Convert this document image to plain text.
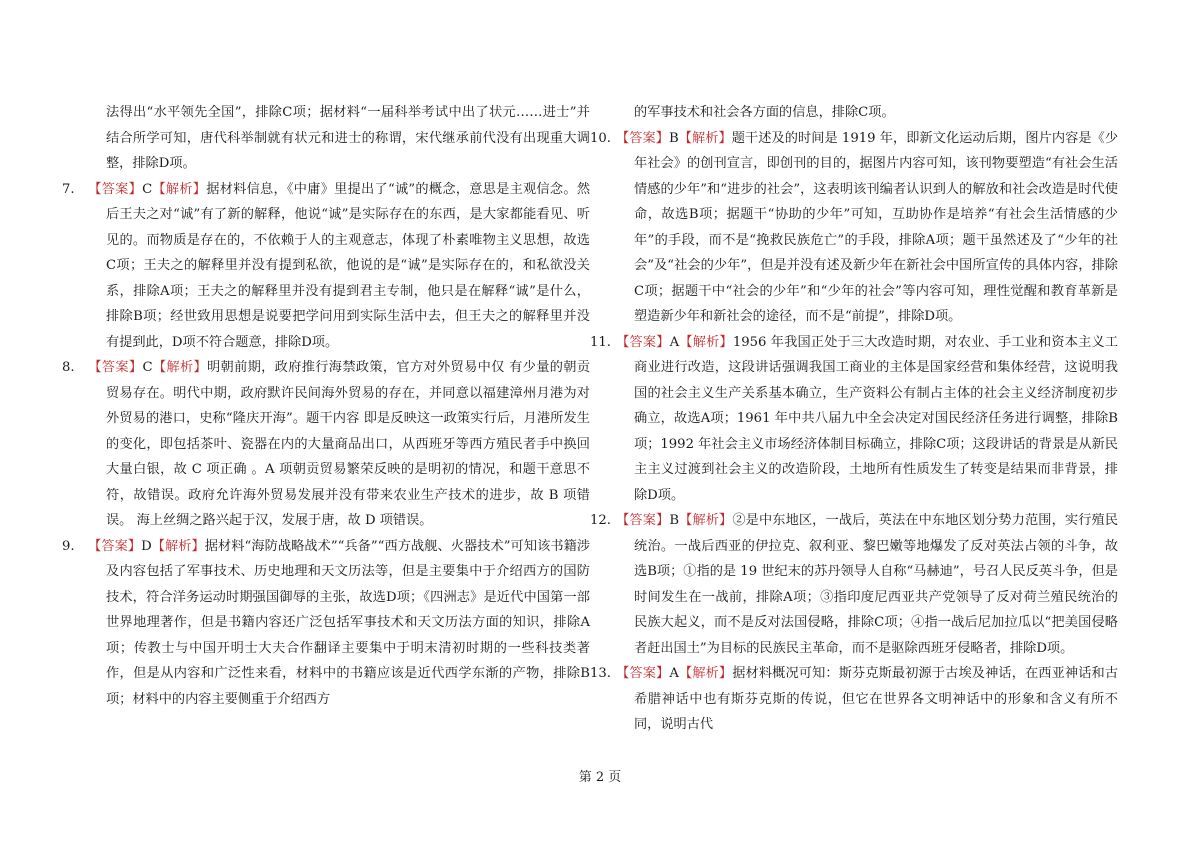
法得出“水平领先全国”，排除C项；据材料“一届科举考试中出了状元……进士”并结合所学可知，唐代科举制就有状元和进士的称谓，宋代继承前代没有出现重大调整，排除D项。

7. 【答案】C【解析】据材料信息，《中庸》里提出了“诚”的概念，意思是主观信念。然后王夫之对“诚”有了新的解释，他说“诚”是实际存在的东西，是大家都能看见、听见的。而物质是存在的，不依赖于人的主观意志，体现了朴素唯物主义思想，故选C项；王夫之的解释里并没有提到私欲，他说的是“诚”是实际存在的，和私欲没关系，排除A项；王夫之的解释里并没有提到君主专制，他只是在解释“诚”是什么，排除B项；经世致用思想是说要把学问用到实际生活中去，但王夫之的解释里并没有提到此，D项不符合题意，排除D项。

8. 【答案】C【解析】明朝前期，政府推行海禁政策，官方对外贸易中仅 有少量的朝贡贸易存在。明代中期，政府默许民间海外贸易的存在，并同意以福建漳州月港为对外贸易的港口，史称“隆庆开海”。题干内容 即是反映这一政策实行后，月港所发生的变化，即包括茶叶、瓷器在内的大量商品出口，从西班牙等西方殖民者手中换回大量白银，故 C 项正确 。A 项朝贡贸易繁荣反映的是明初的情况，和题干意思不符，故错误。政府允许海外贸易发展并没有带来农业生产技术的进步，故 B 项错误。 海上丝绸之路兴起于汉，发展于唐，故 D 项错误。

9. 【答案】D【解析】据材料“海防战略战术”“兵备”“西方战舰、火器技术”可知该书籍涉及内容包括了军事技术、历史地理和天文历法等，但是主要集中于介绍西方的国防技术，符合洋务运动时期强国御辱的主张，故选D项；《四洲志》是近代中国第一部世界地理著作，但是书籍内容还广泛包括军事技术和天文历法方面的知识，排除A项；传教士与中国开明士大夫合作翻译主要集中于明末清初时期的一些科技类著作，但是从内容和广泛性来看，材料中的书籍应该是近代西学东渐的产物，排除B项；材料中的内容主要侧重于介绍西方

的军事技术和社会各方面的信息，排除C项。

10. 【答案】B【解析】题干述及的时间是 1919 年，即新文化运动后期，图片内容是《少年社会》的创刊宣言，即创刊的目的，据图片内容可知，该刊物要塑造“有社会生活情感的少年”和“进步的社会”，这表明该刊编者认识到人的解放和社会改造是时代使命，故选B项；据题干“协助的少年”可知，互助协作是培养“有社会生活情感的少年”的手段，而不是“挽救民族危亡”的手段，排除A项；题干虽然述及了“少年的社会”及“社会的少年”，但是并没有述及新少年在新社会中国所宣传的具体内容，排除C项；据题干中“社会的少年”和“少年的社会”等内容可知，理性觉醒和教育革新是塑造新少年和新社会的途径，而不是“前提”，排除D项。

11. 【答案】A【解析】1956 年我国正处于三大改造时期，对农业、手工业和资本主义工商业进行改造，这段讲话强调我国工商业的主体是国家经营和集体经营，这说明我国的社会主义生产关系基本确立，生产资料公有制占主体的社会主义经济制度初步确立，故选A项；1961 年中共八届九中全会决定对国民经济任务进行调整，排除B项；1992 年社会主义市场经济体制目标确立，排除C项；这段讲话的背景是从新民主主义过渡到社会主义的改造阶段，土地所有性质发生了转变是结果而非背景，排除D项。

12. 【答案】B【解析】②是中东地区，一战后，英法在中东地区划分势力范围，实行殖民统治。一战后西亚的伊拉克、叙利亚、黎巴嫩等地爆发了反对英法占领的斗争，故选B项；①指的是 19 世纪末的苏丹领导人自称“马赫迪”，号召人民反英斗争，但是时间发生在一战前，排除A项；③指印度尼西亚共产党领导了反对荷兰殖民统治的民族大起义，而不是反对法国侵略，排除C项；④指一战后尼加拉瓜以“把美国侵略者赶出国土”为目标的民族民主革命，而不是驱除西班牙侵略者，排除D项。

13. 【答案】A【解析】据材料概况可知：斯芬克斯最初源于古埃及神话，在西亚神话和古希腊神话中也有斯芬克斯的传说，但它在世界各文明神话中的形象和含义有所不同，说明古代

第 2 页
